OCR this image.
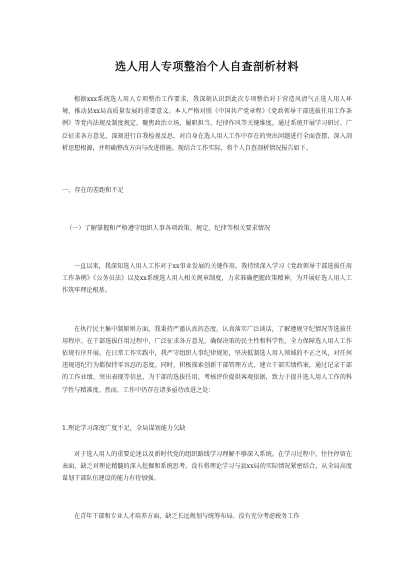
选人用人专项整治个人自查剖析材料

根据xxx系统选人用人专项整治工作要求，我深刻认识到此次专项整治对于营造风清气正选人用人环境、推动县xx局高质量发展的重要意义。本人严格对照《中国共产党章程》《党政领导干部选拔任用工作条例》等党内法规及制度规定，聚焦政治立场、履职担当、纪律作风等关键维度，通过系统开展学习研讨、广泛征求各方意见、深刻进行自我检视反思，对自身在选人用人工作中存在的突出问题进行全面查摆，深入剖析思想根源，并明确整改方向与改进措施。现结合工作实际，将个人自查剖析情况报告如下。

一、存在的差距和不足

（一）了解掌握和严格遵守组织人事各项政策、规定、纪律等相关要求情况

一直以来，我深知选人用人工作对于xx事业发展的关键作用。我持续深入学习《党政领导干部选拔任用工作条例》《公务员法》以及xx系统选人用人相关规章制度，力求准确把握政策精神，为开展好选人用人工作筑牢理论根基。

在执行民主集中制原则方面，我秉持严谨认真的态度，认真落实广泛谈话，了解遵规守纪情况等选拔任用程序。在干部选拔任用过程中，广泛征求各方意见，确保决策的民主性和科学性，全力保障选人用人工作依规有序开展。在日常工作实践中，我严守组织人事纪律规矩，坚决抵制选人用人领域的不正之风，对任何违规违纪行为都保持零容忍的态度。同时，积极探索创新干部管理方式，建立干部实绩档案，通过记录干部的工作业绩、突出表现等信息，为干部的选拔任用、考核评价提供客观依据，致力于提升选人用人工作的科学性与精准度。然而，工作中仍存在诸多亟待改进之处：

1.理论学习深度广度不足，全局谋划能力欠缺

对于选人用人的重要论述以及新时代党的组织路线学习理解不够深入系统。在学习过程中，往往停留在表面，缺乏对理论精髓的深入挖掘和系统思考。没有将理论学习与县xx局的实际情况紧密结合，从全局高度谋划干部队伍建设的能力有待加强。

在青年干部和专业人才培养方面，缺乏长远规划与统筹布局。没有充分考虑税务工作
